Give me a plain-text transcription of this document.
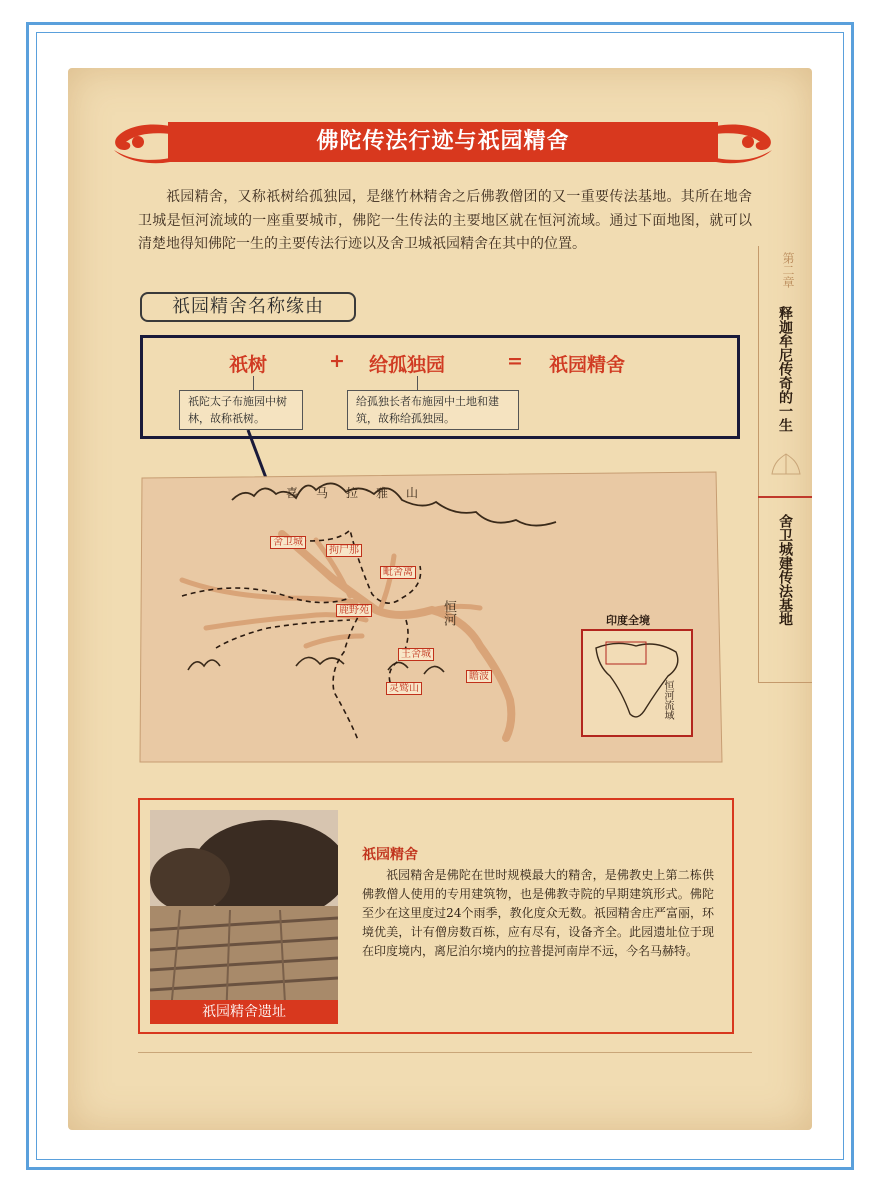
佛陀传法行迹与祇园精舍
祇园精舍，又称祇树给孤独园，是继竹林精舍之后佛教僧团的又一重要传法基地。其所在地舍卫城是恒河流域的一座重要城市，佛陀一生传法的主要地区就在恒河流域。通过下面地图，就可以清楚地得知佛陀一生的主要传法行迹以及舍卫城祇园精舍在其中的位置。
第二章
释迦牟尼传奇的一生
舍卫城建传法基地
祇园精舍名称缘由
祇树	+ 给孤独园	= 祇园精舍
祇陀太子布施园中树林，故称祇树。
给孤独长者布施园中土地和建筑，故称给孤独园。
喜马拉雅山
舍卫城
拘尸那
毗舍离
鹿野苑
王舍城
灵鹫山
瞻波
印度全境
恒河流域
祇园精舍遗址
祇园精舍
祇园精舍是佛陀在世时规模最大的精舍，是佛教史上第二栋供佛教僧人使用的专用建筑物，也是佛教寺院的早期建筑形式。佛陀至少在这里度过24个雨季，教化度众无数。祇园精舍庄严富丽，环境优美，计有僧房数百栋，应有尽有，设备齐全。此园遗址位于现在印度境内，离尼泊尔境内的拉普提河南岸不远，今名马赫特。
